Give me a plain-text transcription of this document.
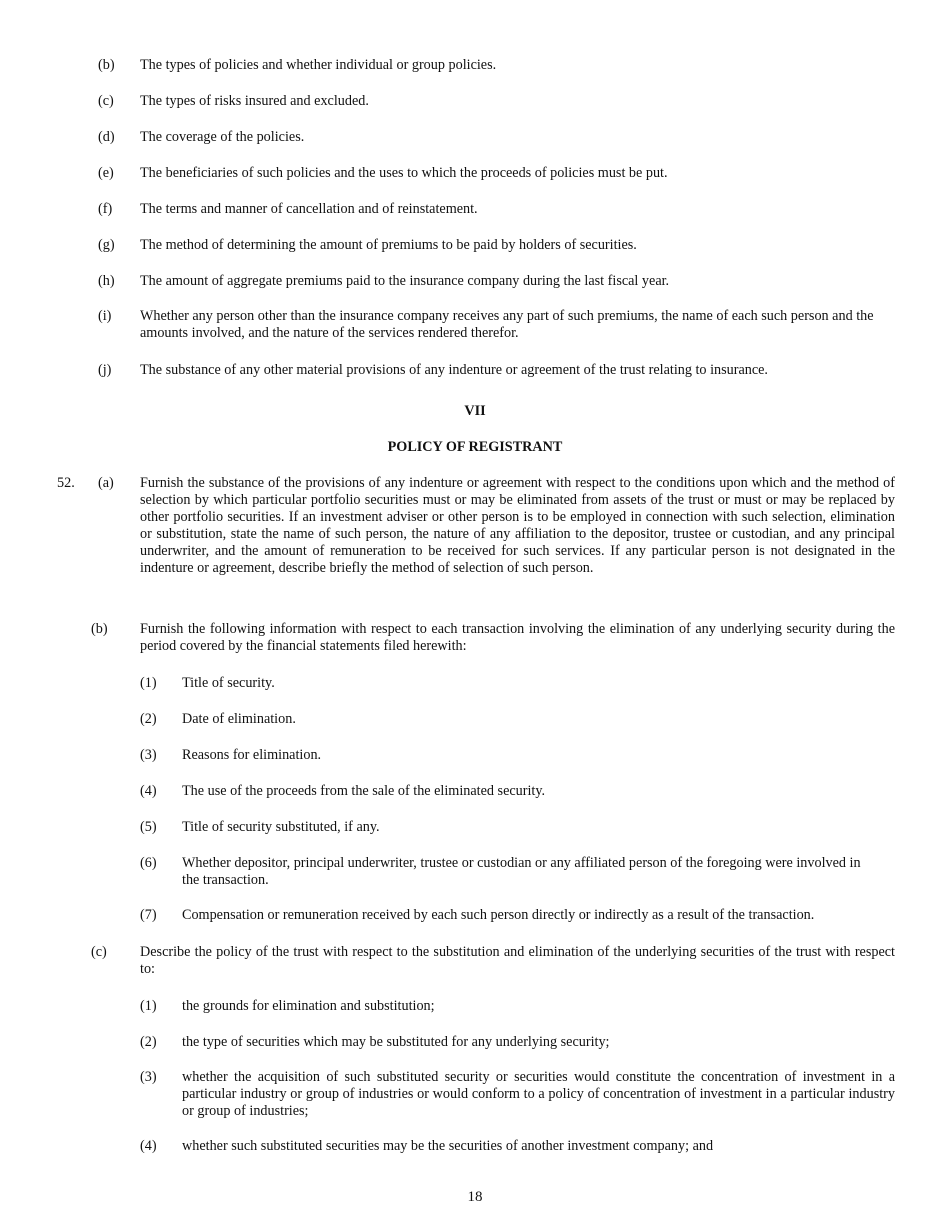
(b) The types of policies and whether individual or group policies.
(c) The types of risks insured and excluded.
(d) The coverage of the policies.
(e) The beneficiaries of such policies and the uses to which the proceeds of policies must be put.
(f) The terms and manner of cancellation and of reinstatement.
(g) The method of determining the amount of premiums to be paid by holders of securities.
(h) The amount of aggregate premiums paid to the insurance company during the last fiscal year.
(i) Whether any person other than the insurance company receives any part of such premiums, the name of each such person and the amounts involved, and the nature of the services rendered therefor.
(j) The substance of any other material provisions of any indenture or agreement of the trust relating to insurance.
VII
POLICY OF REGISTRANT
52. (a) Furnish the substance of the provisions of any indenture or agreement with respect to the conditions upon which and the method of selection by which particular portfolio securities must or may be eliminated from assets of the trust or must or may be replaced by other portfolio securities. If an investment adviser or other person is to be employed in connection with such selection, elimination or substitution, state the name of such person, the nature of any affiliation to the depositor, trustee or custodian, and any principal underwriter, and the amount of remuneration to be received for such services. If any particular person is not designated in the indenture or agreement, describe briefly the method of selection of such person.
(b) Furnish the following information with respect to each transaction involving the elimination of any underlying security during the period covered by the financial statements filed herewith:
(1) Title of security.
(2) Date of elimination.
(3) Reasons for elimination.
(4) The use of the proceeds from the sale of the eliminated security.
(5) Title of security substituted, if any.
(6) Whether depositor, principal underwriter, trustee or custodian or any affiliated person of the foregoing were involved in the transaction.
(7) Compensation or remuneration received by each such person directly or indirectly as a result of the transaction.
(c) Describe the policy of the trust with respect to the substitution and elimination of the underlying securities of the trust with respect to:
(1) the grounds for elimination and substitution;
(2) the type of securities which may be substituted for any underlying security;
(3) whether the acquisition of such substituted security or securities would constitute the concentration of investment in a particular industry or group of industries or would conform to a policy of concentration of investment in a particular industry or group of industries;
(4) whether such substituted securities may be the securities of another investment company; and
18
